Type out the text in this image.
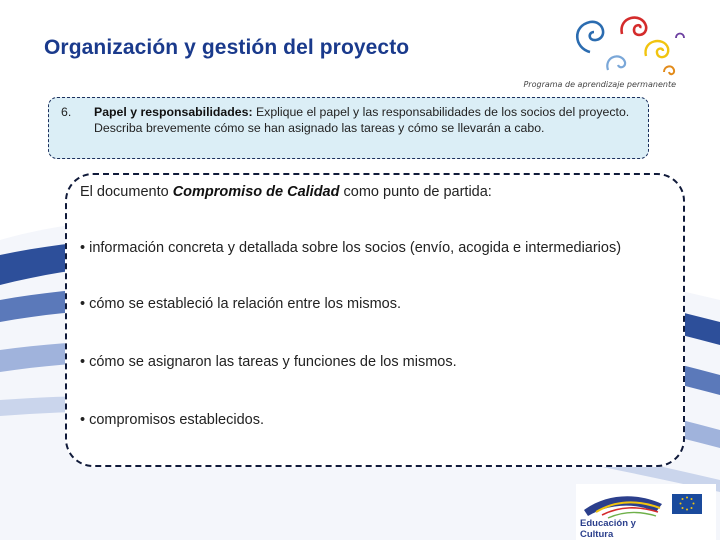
Organización y gestión del proyecto
Programa de aprendizaje permanente
6. Papel y responsabilidades: Explique el papel y las responsabilidades de los socios del proyecto. Describa brevemente cómo se han asignado las tareas y cómo se llevarán a cabo.
El documento Compromiso de Calidad como punto de partida:
• información concreta y detallada sobre los socios (envío, acogida e intermediarios)
• cómo se estableció la relación entre los mismos.
• cómo se asignaron las tareas y funciones de los mismos.
• compromisos establecidos.
Educación y Cultura
